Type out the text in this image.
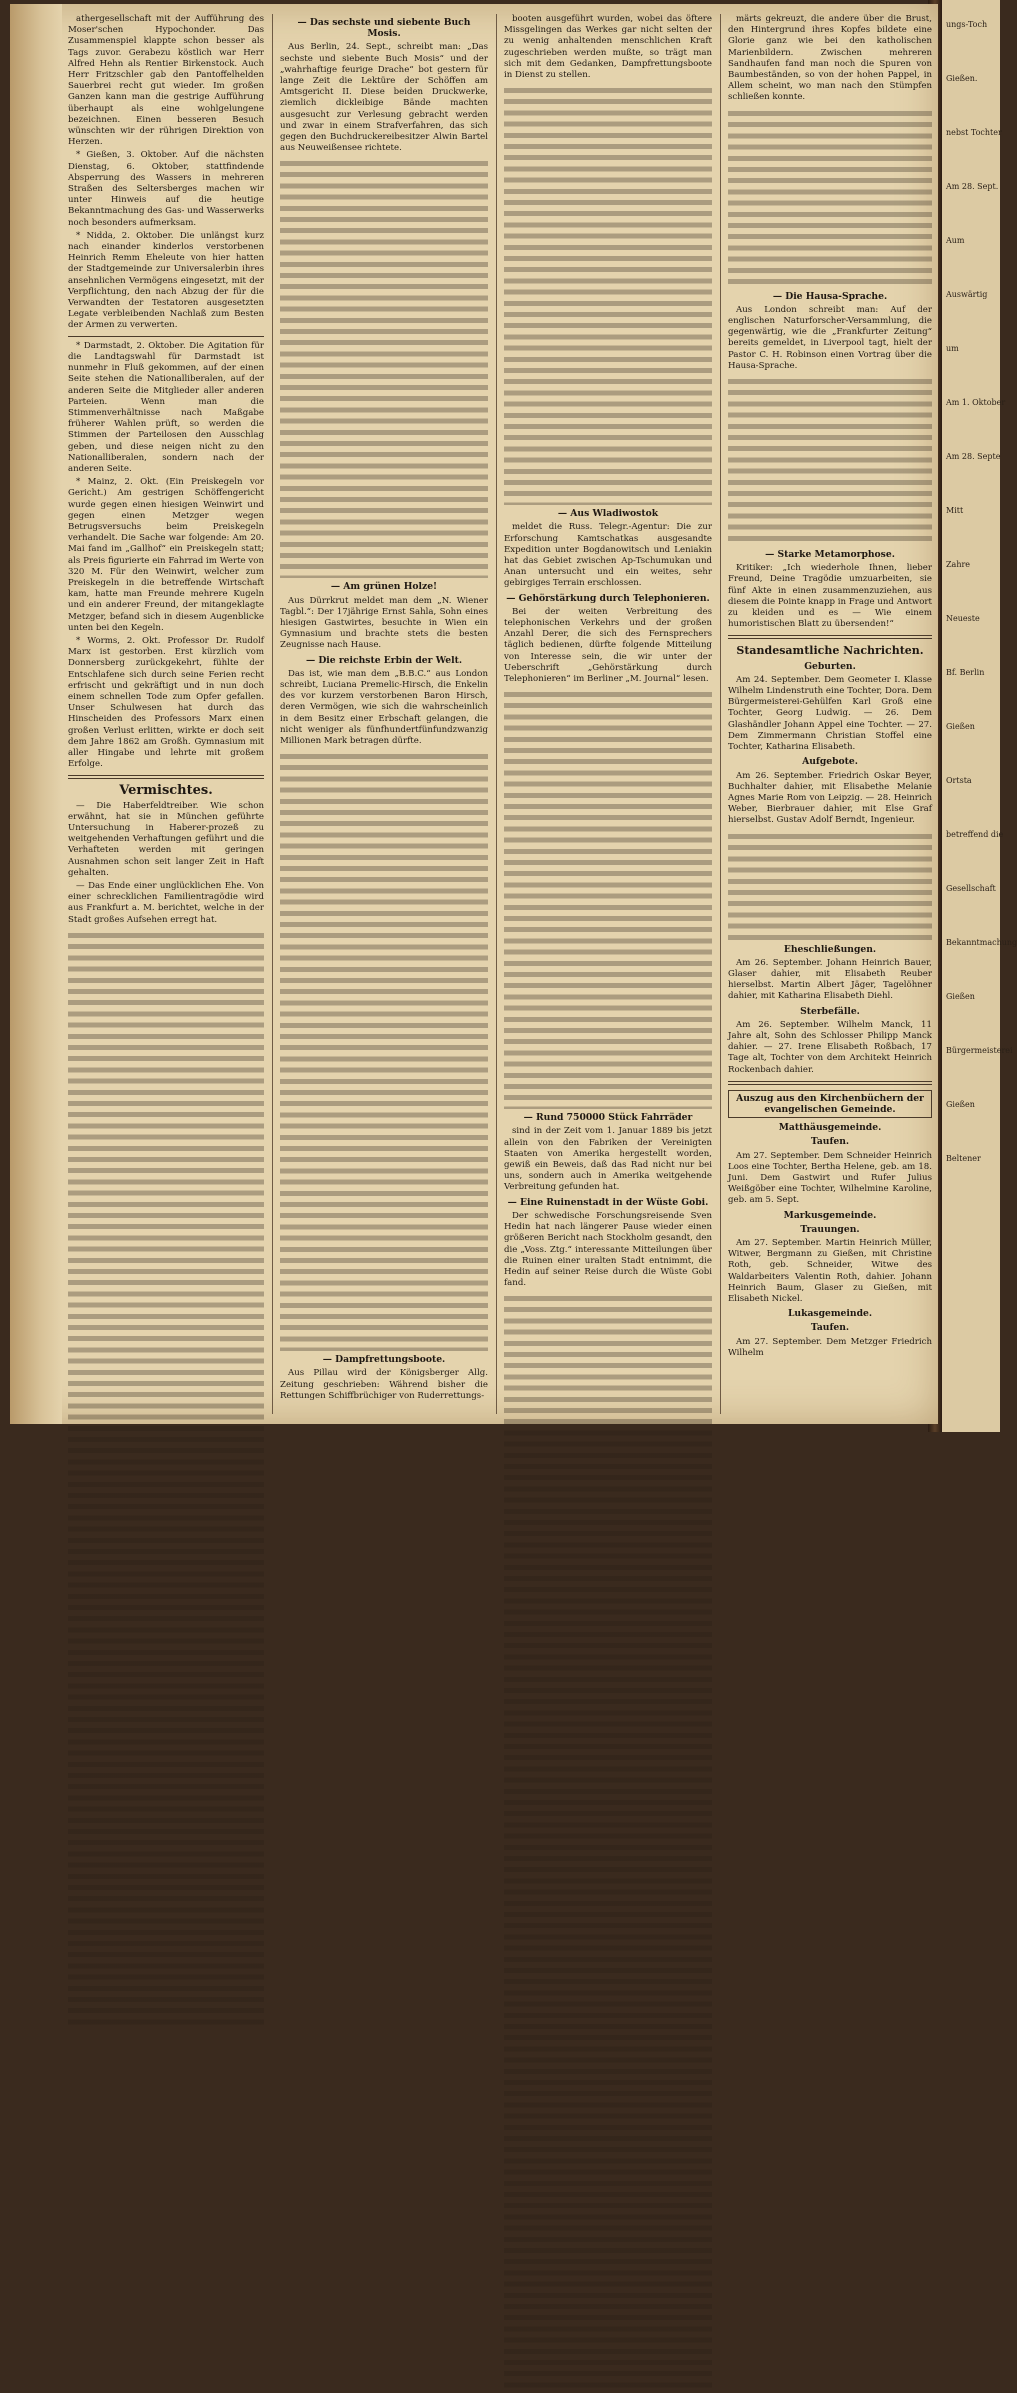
ungs-Toch
Gießen.
nebst Tochter
Am 28. Sept.
Aum
Auswärtig
um
Am 1. Oktober
Am 28. Septe
Mitt
Zahre
Neueste
Bf. Berlin
Gießen
Ortsta
betreffend die
Gesellschaft
Bekanntmachung
Gießen
Bürgermeisterei
Gießen
Beltener

athergesellschaft mit der Aufführung des Moser'schen Hypochonder. Das Zusammenspiel klappte schon besser als Tags zuvor. Gerabezu köstlich war Herr Alfred Hehn als Rentier Birkenstock. Auch Herr Fritzschler gab den Pantoffelhelden Sauerbrei recht gut wieder. Im großen Ganzen kann man die gestrige Aufführung überhaupt als eine wohlgelungene bezeichnen. Einen besseren Besuch wünschten wir der rührigen Direktion von Herzen.

* Gießen, 3. Oktober. Auf die nächsten Dienstag, 6. Oktober, stattfindende Absperrung des Wassers in mehreren Straßen des Seltersberges machen wir unter Hinweis auf die heutige Bekanntmachung des Gas- und Wasserwerks noch besonders aufmerksam.

* Nidda, 2. Oktober. Die unlängst kurz nach einander kinderlos verstorbenen Heinrich Remm Eheleute von hier hatten der Stadtgemeinde zur Universalerbin ihres ansehnlichen Vermögens eingesetzt, mit der Verpflichtung, den nach Abzug der für die Verwandten der Testatoren ausgesetzten Legate verbleibenden Nachlaß zum Besten der Armen zu verwerten.

* Darmstadt, 2. Oktober. Die Agitation für die Landtagswahl für Darmstadt ist nunmehr in Fluß gekommen, auf der einen Seite stehen die Nationalliberalen, auf der anderen Seite die Mitglieder aller anderen Parteien. Wenn man die Stimmenverhältnisse nach Maßgabe früherer Wahlen prüft, so werden die Stimmen der Parteilosen den Ausschlag geben, und diese neigen nicht zu den Nationalliberalen, sondern nach der anderen Seite.

* Mainz, 2. Okt. (Ein Preiskegeln vor Gericht.) Am gestrigen Schöffengericht wurde gegen einen hiesigen Weinwirt und gegen einen Metzger wegen Betrugsversuchs beim Preiskegeln verhandelt. Die Sache war folgende: Am 20. Mai fand im „Gallhof“ ein Preiskegeln statt; als Preis figurierte ein Fahrrad im Werte von 320 M. Für den Weinwirt, welcher zum Preiskegeln in die betreffende Wirtschaft kam, hatte man Freunde mehrere Kugeln und ein anderer Freund, der mitangeklagte Metzger, befand sich in diesem Augenblicke unten bei den Kegeln.

* Worms, 2. Okt. Professor Dr. Rudolf Marx ist gestorben. Erst kürzlich vom Donnersberg zurückgekehrt, fühlte der Entschlafene sich durch seine Ferien recht erfrischt und gekräftigt und in nun doch einem schnellen Tode zum Opfer gefallen. Unser Schulwesen hat durch das Hinscheiden des Professors Marx einen großen Verlust erlitten, wirkte er doch seit dem Jahre 1862 am Großh. Gymnasium mit aller Hingabe und lehrte mit großem Erfolge.

Vermischtes.

— Die Haberfeldtreiber. Wie schon erwähnt, hat sie in München geführte Untersuchung in Haberer-prozeß zu weitgehenden Verhaftungen geführt und die Verhafteten werden mit geringen Ausnahmen schon seit langer Zeit in Haft gehalten.

— Das Ende einer unglücklichen Ehe. Von einer schrecklichen Familientragödie wird aus Frankfurt a. M. berichtet, welche in der Stadt großes Aufsehen erregt hat.

— Das sechste und siebente Buch Mosis.

Aus Berlin, 24. Sept., schreibt man: „Das sechste und siebente Buch Mosis“ und der „wahrhaftige feurige Drache“ bot gestern für lange Zeit die Lektüre der Schöffen am Amtsgericht II. Diese beiden Druckwerke, ziemlich dickleibige Bände machten ausgesucht zur Verlesung gebracht werden und zwar in einem Strafverfahren, das sich gegen den Buchdruckereibesitzer Alwin Bartel aus Neuweißensee richtete.

— Am grünen Holze!

Aus Dürrkrut meldet man dem „N. Wiener Tagbl.“: Der 17jährige Ernst Sahla, Sohn eines hiesigen Gastwirtes, besuchte in Wien ein Gymnasium und brachte stets die besten Zeugnisse nach Hause.

— Die reichste Erbin der Welt.

Das ist, wie man dem „B.B.C.“ aus London schreibt, Luciana Premelic-Hirsch, die Enkelin des vor kurzem verstorbenen Baron Hirsch, deren Vermögen, wie sich die wahrscheinlich in dem Besitz einer Erbschaft gelangen, die nicht weniger als fünfhundertfünfundzwanzig Millionen Mark betragen dürfte.

— Dampfrettungsboote.

Aus Pillau wird der Königsberger Allg. Zeitung geschrieben: Während bisher die Rettungen Schiffbrüchiger von Ruderrettungs-

booten ausgeführt wurden, wobei das öftere Missgelingen das Werkes gar nicht selten der zu wenig anhaltenden menschlichen Kraft zugeschrieben werden mußte, so trägt man sich mit dem Gedanken, Dampfrettungsboote in Dienst zu stellen.

— Aus Wladiwostok

meldet die Russ. Telegr.-Agentur: Die zur Erforschung Kamtschatkas ausgesandte Expedition unter Bogdanowitsch und Leniakin hat das Gebiet zwischen Ap-Tschumukan und Anan untersucht und ein weites, sehr gebirgiges Terrain erschlossen.

— Gehörstärkung durch Telephonieren.

Bei der weiten Verbreitung des telephonischen Verkehrs und der großen Anzahl Derer, die sich des Fernsprechers täglich bedienen, dürfte folgende Mitteilung von Interesse sein, die wir unter der Ueberschrift „Gehörstärkung durch Telephonieren“ im Berliner „M. Journal“ lesen.

— Rund 750000 Stück Fahrräder

sind in der Zeit vom 1. Januar 1889 bis jetzt allein von den Fabriken der Vereinigten Staaten von Amerika hergestellt worden, gewiß ein Beweis, daß das Rad nicht nur bei uns, sondern auch in Amerika weitgehende Verbreitung gefunden hat.

— Eine Ruinenstadt in der Wüste Gobi.

Der schwedische Forschungsreisende Sven Hedin hat nach längerer Pause wieder einen größeren Bericht nach Stockholm gesandt, den die „Voss. Ztg.“ interessante Mitteilungen über die Ruinen einer uralten Stadt entnimmt, die Hedin auf seiner Reise durch die Wüste Gobi fand.

märts gekreuzt, die andere über die Brust, den Hintergrund ihres Kopfes bildete eine Glorie ganz wie bei den katholischen Marienbildern. Zwischen mehreren Sandhaufen fand man noch die Spuren von Baumbeständen, so von der hohen Pappel, in Allem scheint, wo man nach den Stümpfen schließen konnte.

— Die Hausa-Sprache.

Aus London schreibt man: Auf der englischen Naturforscher-Versammlung, die gegenwärtig, wie die „Frankfurter Zeitung“ bereits gemeldet, in Liverpool tagt, hielt der Pastor C. H. Robinson einen Vortrag über die Hausa-Sprache.

— Starke Metamorphose.

Kritiker: „Ich wiederhole Ihnen, lieber Freund, Deine Tragödie umzuarbeiten, sie fünf Akte in einen zusammenzuziehen, aus diesem die Pointe knapp in Frage und Antwort zu kleiden und es — Wie einem humoristischen Blatt zu übersenden!“

Standesamtliche Nachrichten.
Geburten.

Am 24. September. Dem Geometer I. Klasse Wilhelm Lindenstruth eine Tochter, Dora. Dem Bürgermeisterei-Gehülfen Karl Groß eine Tochter, Georg Ludwig. — 26. Dem Glashändler Johann Appel eine Tochter. — 27. Dem Zimmermann Christian Stoffel eine Tochter, Katharina Elisabeth.

Aufgebote.

Am 26. September. Friedrich Oskar Beyer, Buchhalter dahier, mit Elisabethe Melanie Agnes Marie Rom von Leipzig. — 28. Heinrich Weber, Bierbrauer dahier, mit Else Graf hierselbst. Gustav Adolf Berndt, Ingenieur.

Eheschließungen.

Am 26. September. Johann Heinrich Bauer, Glaser dahier, mit Elisabeth Reuber hierselbst. Martin Albert Jäger, Tagelöhner dahier, mit Katharina Elisabeth Diehl.

Sterbefälle.

Am 26. September. Wilhelm Manck, 11 Jahre alt, Sohn des Schlosser Philipp Manck dahier. — 27. Irene Elisabeth Roßbach, 17 Tage alt, Tochter von dem Architekt Heinrich Rockenbach dahier.

Auszug aus den Kirchenbüchern der evangelischen Gemeinde.
Matthäusgemeinde.
Taufen.

Am 27. September. Dem Schneider Heinrich Loos eine Tochter, Bertha Helene, geb. am 18. Juni. Dem Gastwirt und Rufer Julius Weißgöber eine Tochter, Wilhelmine Karoline, geb. am 5. Sept.

Markusgemeinde.
Trauungen.

Am 27. September. Martin Heinrich Müller, Witwer, Bergmann zu Gießen, mit Christine Roth, geb. Schneider, Witwe des Waldarbeiters Valentin Roth, dahier. Johann Heinrich Baum, Glaser zu Gießen, mit Elisabeth Nickel.

Lukasgemeinde.
Taufen.

Am 27. September. Dem Metzger Friedrich Wilhelm
